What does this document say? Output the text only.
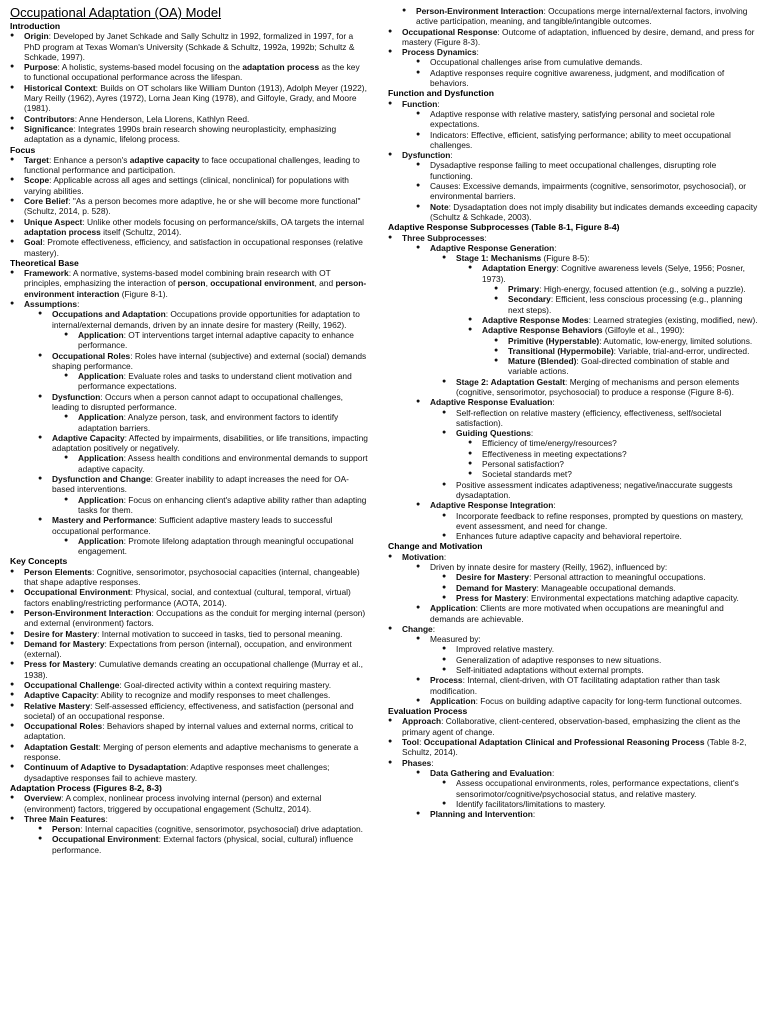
Occupational Adaptation (OA) Model
Introduction
● Origin: Developed by Janet Schkade and Sally Schultz in 1992, formalized in 1997, for a PhD program at Texas Woman's University (Schkade & Schultz, 1992a, 1992b; Schultz & Schkade, 1997).
● Purpose: A holistic, systems-based model focusing on the adaptation process as the key to functional occupational performance across the lifespan.
● Historical Context: Builds on OT scholars like William Dunton (1913), Adolph Meyer (1922), Mary Reilly (1962), Ayres (1972), Lorna Jean King (1978), and Gilfoyle, Grady, and Moore (1981).
● Contributors: Anne Henderson, Lela Llorens, Kathlyn Reed.
● Significance: Integrates 1990s brain research showing neuroplasticity, emphasizing adaptation as a dynamic, lifelong process.
Focus
● Target: Enhance a person's adaptive capacity to face occupational challenges, leading to functional performance and participation.
● Scope: Applicable across all ages and settings (clinical, nonclinical) for populations with varying abilities.
● Core Belief: "As a person becomes more adaptive, he or she will become more functional" (Schultz, 2014, p. 528).
● Unique Aspect: Unlike other models focusing on performance/skills, OA targets the internal adaptation process itself (Schultz, 2014).
● Goal: Promote effectiveness, efficiency, and satisfaction in occupational responses (relative mastery).
Theoretical Base
● Framework: A normative, systems-based model combining brain research with OT principles, emphasizing the interaction of person, occupational environment, and person-environment interaction (Figure 8-1).
● Assumptions:
● Occupations and Adaptation: Occupations provide opportunities for adaptation to internal/external demands, driven by an innate desire for mastery (Reilly, 1962).
● Application: OT interventions target internal adaptive capacity to enhance performance.
● Occupational Roles: Roles have internal (subjective) and external (social) demands shaping performance.
● Application: Evaluate roles and tasks to understand client motivation and performance expectations.
● Dysfunction: Occurs when a person cannot adapt to occupational challenges, leading to disrupted performance.
● Application: Analyze person, task, and environment factors to identify adaptation barriers.
● Adaptive Capacity: Affected by impairments, disabilities, or life transitions, impacting adaptation positively or negatively.
● Application: Assess health conditions and environmental demands to support adaptive capacity.
● Dysfunction and Change: Greater inability to adapt increases the need for OA-based interventions.
● Application: Focus on enhancing client's adaptive ability rather than adapting tasks for them.
● Mastery and Performance: Sufficient adaptive mastery leads to successful occupational performance.
● Application: Promote lifelong adaptation through meaningful occupational engagement.
Key Concepts
● Person Elements: Cognitive, sensorimotor, psychosocial capacities (internal, changeable) that shape adaptive responses.
● Occupational Environment: Physical, social, and contextual (cultural, temporal, virtual) factors enabling/restricting performance (AOTA, 2014).
● Person-Environment Interaction: Occupations as the conduit for merging internal (person) and external (environment) factors.
● Desire for Mastery: Internal motivation to succeed in tasks, tied to personal meaning.
● Demand for Mastery: Expectations from person (internal), occupation, and environment (external).
● Press for Mastery: Cumulative demands creating an occupational challenge (Murray et al., 1938).
● Occupational Challenge: Goal-directed activity within a context requiring mastery.
● Adaptive Capacity: Ability to recognize and modify responses to meet challenges.
● Relative Mastery: Self-assessed efficiency, effectiveness, and satisfaction (personal and societal) of an occupational response.
● Occupational Roles: Behaviors shaped by internal values and external norms, critical to adaptation.
● Adaptation Gestalt: Merging of person elements and adaptive mechanisms to generate a response.
● Continuum of Adaptive to Dysadaptation: Adaptive responses meet challenges; dysadaptive responses fail to achieve mastery.
Adaptation Process (Figures 8-2, 8-3)
● Overview: A complex, nonlinear process involving internal (person) and external (environment) factors, triggered by occupational engagement (Schultz, 2014).
● Three Main Features:
● Person: Internal capacities (cognitive, sensorimotor, psychosocial) drive adaptation.
● Occupational Environment: External factors (physical, social, cultural) influence performance.
● Person-Environment Interaction: Occupations merge internal/external factors, involving active participation, meaning, and tangible/intangible outcomes.
● Occupational Response: Outcome of adaptation, influenced by desire, demand, and press for mastery (Figure 8-3).
● Process Dynamics:
● Occupational challenges arise from cumulative demands.
● Adaptive responses require cognitive awareness, judgment, and modification of behaviors.
Function and Dysfunction
● Function:
● Adaptive response with relative mastery, satisfying personal and societal role expectations.
● Indicators: Effective, efficient, satisfying performance; ability to meet occupational challenges.
● Dysfunction:
● Dysadaptive response failing to meet occupational challenges, disrupting role functioning.
● Causes: Excessive demands, impairments (cognitive, sensorimotor, psychosocial), or environmental barriers.
● Note: Dysadaptation does not imply disability but indicates demands exceeding capacity (Schultz & Schkade, 2003).
Adaptive Response Subprocesses (Table 8-1, Figure 8-4)
● Three Subprocesses:
● Adaptive Response Generation:
● Stage 1: Mechanisms (Figure 8-5):
● Adaptation Energy: Cognitive awareness levels (Selye, 1956; Posner, 1973).
● Primary: High-energy, focused attention (e.g., solving a puzzle).
● Secondary: Efficient, less conscious processing (e.g., planning next steps).
● Adaptive Response Modes: Learned strategies (existing, modified, new).
● Adaptive Response Behaviors (Gilfoyle et al., 1990):
● Primitive (Hyperstable): Automatic, low-energy, limited solutions.
● Transitional (Hypermobile): Variable, trial-and-error, undirected.
● Mature (Blended): Goal-directed combination of stable and variable actions.
● Stage 2: Adaptation Gestalt: Merging of mechanisms and person elements (cognitive, sensorimotor, psychosocial) to produce a response (Figure 8-6).
● Adaptive Response Evaluation:
● Self-reflection on relative mastery (efficiency, effectiveness, self/societal satisfaction).
● Guiding Questions:
● Efficiency of time/energy/resources?
● Effectiveness in meeting expectations?
● Personal satisfaction?
● Societal standards met?
● Positive assessment indicates adaptiveness; negative/inaccurate suggests dysadaptation.
● Adaptive Response Integration:
● Incorporate feedback to refine responses, prompted by questions on mastery, event assessment, and need for change.
● Enhances future adaptive capacity and behavioral repertoire.
Change and Motivation
● Motivation:
● Driven by innate desire for mastery (Reilly, 1962), influenced by:
● Desire for Mastery: Personal attraction to meaningful occupations.
● Demand for Mastery: Manageable occupational demands.
● Press for Mastery: Environmental expectations matching adaptive capacity.
● Application: Clients are more motivated when occupations are meaningful and demands are achievable.
● Change:
● Measured by:
● Improved relative mastery.
● Generalization of adaptive responses to new situations.
● Self-initiated adaptations without external prompts.
● Process: Internal, client-driven, with OT facilitating adaptation rather than task modification.
● Application: Focus on building adaptive capacity for long-term functional outcomes.
Evaluation Process
● Approach: Collaborative, client-centered, observation-based, emphasizing the client as the primary agent of change.
● Tool: Occupational Adaptation Clinical and Professional Reasoning Process (Table 8-2, Schultz, 2014).
● Phases:
● Data Gathering and Evaluation:
● Assess occupational environments, roles, performance expectations, client's sensorimotor/cognitive/psychosocial status, and relative mastery.
● Identify facilitators/limitations to mastery.
● Planning and Intervention:
